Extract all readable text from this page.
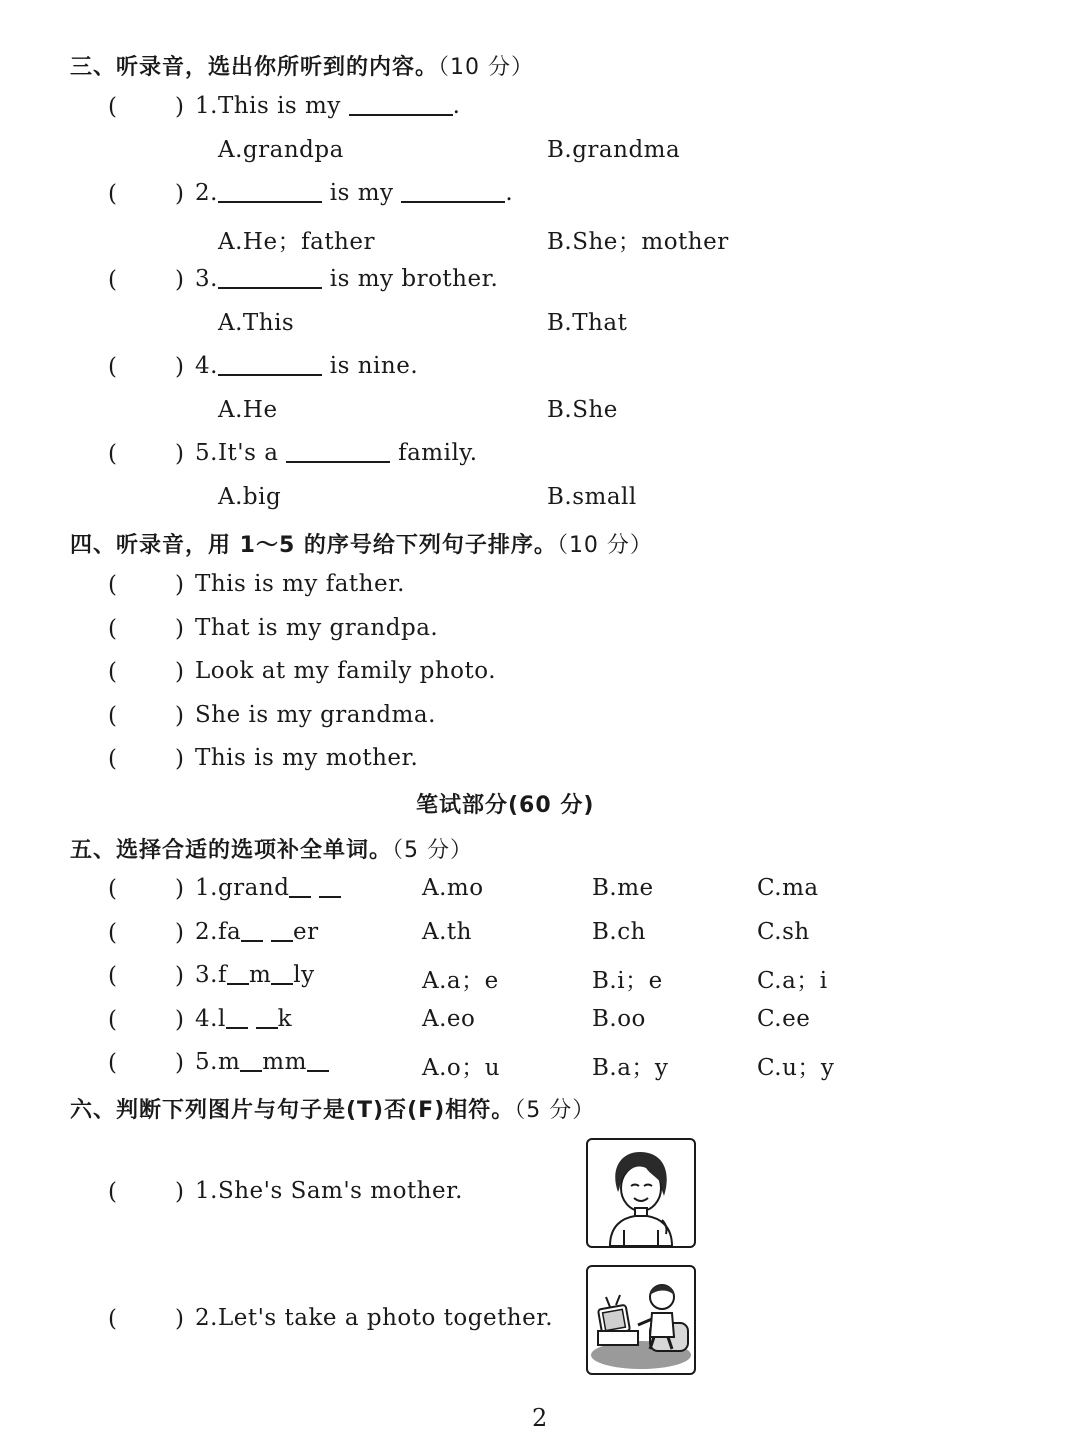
三、听录音，选出你所听到的内容。（10 分）
(	) 1.This is my	.
A.grandpa	B.grandma
(	) 2.	is my	.
A.He；father	B.She；mother
(	) 3.	is my brother.
A.This	B.That
(	) 4.	is nine.
A.He	B.She
(	) 5.It's a	family.
A.big	B.small
四、听录音，用 1～5 的序号给下列句子排序。（10 分）
(	) This is my father.
(	) That is my grandpa.
(	) Look at my family photo.
(	) She is my grandma.
(	) This is my mother.
笔试部分(60 分)
五、选择合适的选项补全单词。（5 分）
(	) 1.grand	A.mo	B.me	C.ma
(	) 2.fa er	A.th	B.ch	C.sh
(	) 3.f m ly	A.a；e	B.i；e	C.a；i
(	) 4.l k	A.eo	B.oo	C.ee
(	) 5.m mm	A.o；u	B.a；y	C.u；y
六、判断下列图片与句子是(T)否(F)相符。（5 分）
(	) 1.She's Sam's mother.
(	) 2.Let's take a photo together.
2
